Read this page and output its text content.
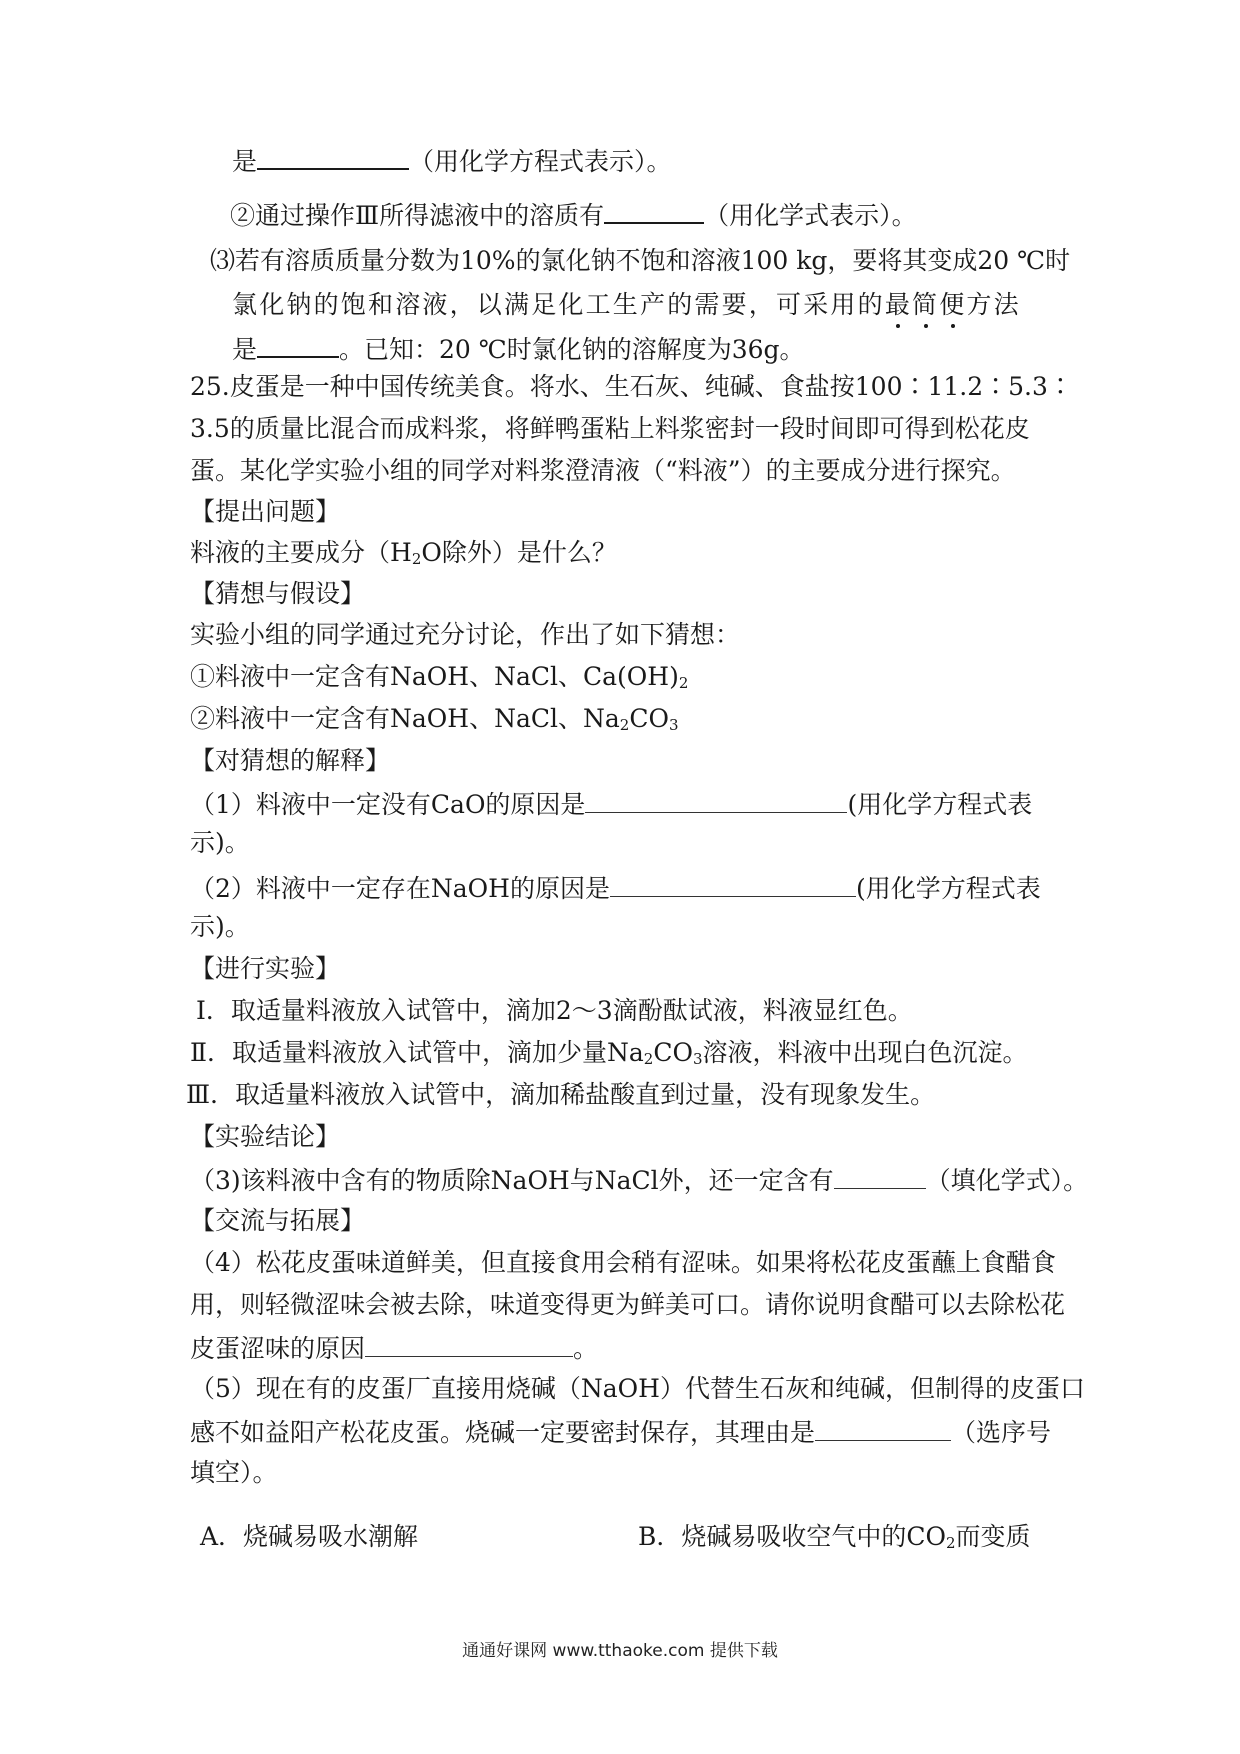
是	（用化学方程式表示）。
②通过操作Ⅲ所得滤液中的溶质有	（用化学式表示）。
⑶若有溶质质量分数为10%的氯化钠不饱和溶液100 kg，要将其变成20 ℃时
氯化钠的饱和溶液，以满足化工生产的需要，可采用的最简便方法
是	。已知：20 ℃时氯化钠的溶解度为36g。
25.皮蛋是一种中国传统美食。将水、生石灰、纯碱、食盐按100∶11.2∶5.3∶
3.5的质量比混合而成料浆，将鲜鸭蛋粘上料浆密封一段时间即可得到松花皮
蛋。某化学实验小组的同学对料浆澄清液（“料液”）的主要成分进行探究。
【提出问题】
料液的主要成分（$H_2O$除外）是什么？
【猜想与假设】
实验小组的同学通过充分讨论，作出了如下猜想：
①料液中一定含有NaOH、NaCl、$Ca(OH)_2$
②料液中一定含有NaOH、NaCl、$Na_2CO_3$
【对猜想的解释】
（1）料液中一定没有CaO的原因是	(用化学方程式表
示)。
（2）料液中一定存在NaOH的原因是	(用化学方程式表
示)。
【进行实验】
Ⅰ．取适量料液放入试管中，滴加2～3滴酚酞试液，料液显红色。
Ⅱ．取适量料液放入试管中，滴加少量$Na_2CO_3$溶液，料液中出现白色沉淀。
Ⅲ．取适量料液放入试管中，滴加稀盐酸直到过量，没有现象发生。
【实验结论】
（3)该料液中含有的物质除NaOH与NaCl外，还一定含有	（填化学式）。
【交流与拓展】
（4）松花皮蛋味道鲜美，但直接食用会稍有涩味。如果将松花皮蛋蘸上食醋食
用，则轻微涩味会被去除，味道变得更为鲜美可口。请你说明食醋可以去除松花
皮蛋涩味的原因	。
（5）现在有的皮蛋厂直接用烧碱（NaOH）代替生石灰和纯碱，但制得的皮蛋口
感不如益阳产松花皮蛋。烧碱一定要密封保存，其理由是	（选序号
填空）。
A．烧碱易吸水潮解	B．烧碱易吸收空气中的$CO_2$而变质
通通好课网 www.tthaoke.com 提供下载
